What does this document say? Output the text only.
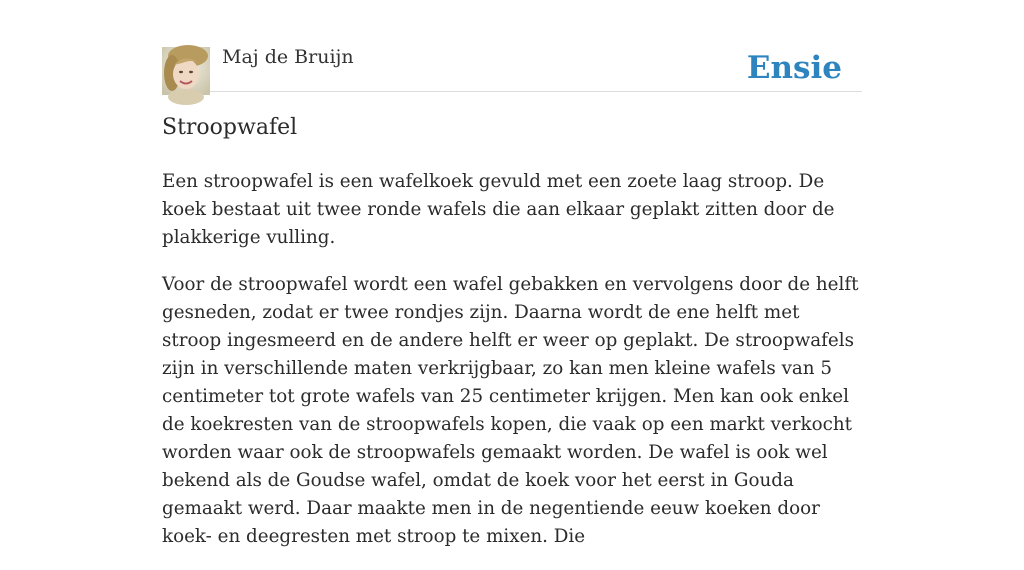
Maj de Bruijn	Ensie
Stroopwafel

Een stroopwafel is een wafelkoek gevuld met een zoete laag stroop. De koek bestaat uit twee ronde wafels die aan elkaar geplakt zitten door de plakkerige vulling.

Voor de stroopwafel wordt een wafel gebakken en vervolgens door de helft gesneden, zodat er twee rondjes zijn. Daarna wordt de ene helft met stroop ingesmeerd en de andere helft er weer op geplakt. De stroopwafels zijn in verschillende maten verkrijgbaar, zo kan men kleine wafels van 5 centimeter tot grote wafels van 25 centimeter krijgen. Men kan ook enkel de koekresten van de stroopwafels kopen, die vaak op een markt verkocht worden waar ook de stroopwafels gemaakt worden. De wafel is ook wel bekend als de Goudse wafel, omdat de koek voor het eerst in Gouda gemaakt werd. Daar maakte men in de negentiende eeuw koeken door koek- en deegresten met stroop te mixen. Die
